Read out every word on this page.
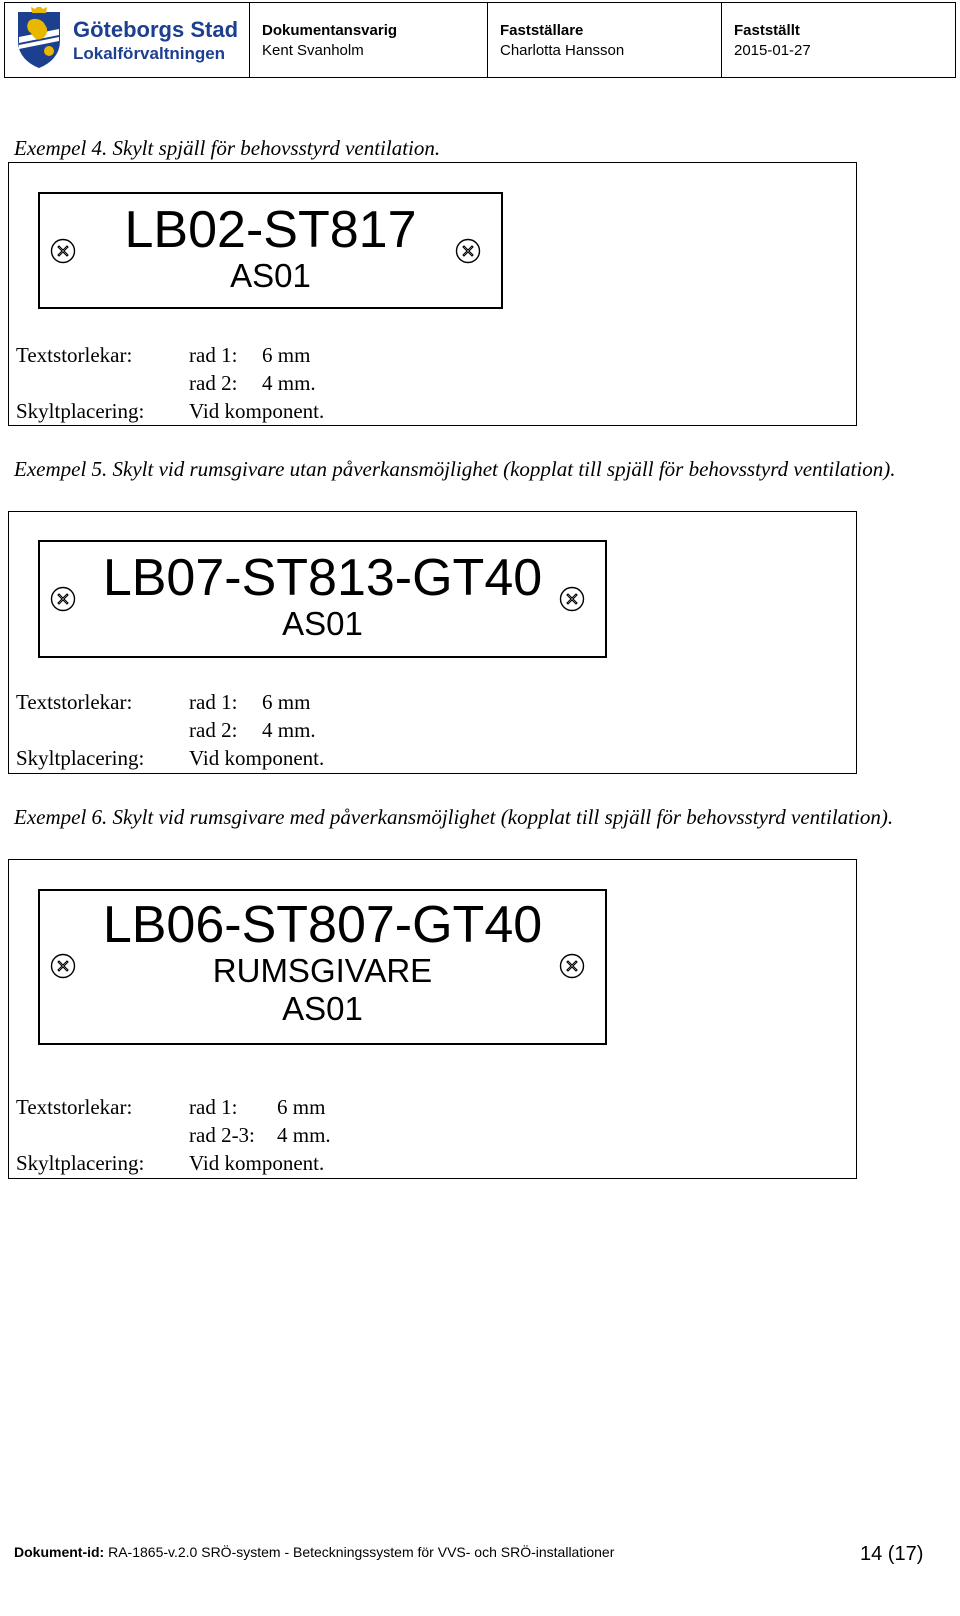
Göteborgs Stad
Lokalförvaltningen
Dokumentansvarig
Kent Svanholm
Fastställare
Charlotta Hansson
Fastställt
2015-01-27
Exempel 4. Skylt spjäll för behovsstyrd ventilation.
LB02-ST817
AS01
Textstorlekar:	rad 1: 6 mm
rad 2: 4 mm.
Skyltplacering: Vid komponent.
Exempel 5. Skylt vid rumsgivare utan påverkansmöjlighet (kopplat till spjäll för behovsstyrd ventilation).
LB07-ST813-GT40
AS01
Textstorlekar:	rad 1: 6 mm
rad 2: 4 mm.
Skyltplacering: Vid komponent.
Exempel 6. Skylt vid rumsgivare med påverkansmöjlighet (kopplat till spjäll för behovsstyrd ventilation).
LB06-ST807-GT40
RUMSGIVARE
AS01
Textstorlekar:	rad 1: 6 mm
rad 2-3: 4 mm.
Skyltplacering: Vid komponent.
Dokument-id: RA-1865-v.2.0 SRÖ-system - Beteckningssystem för VVS- och SRÖ-installationer	14 (17)
